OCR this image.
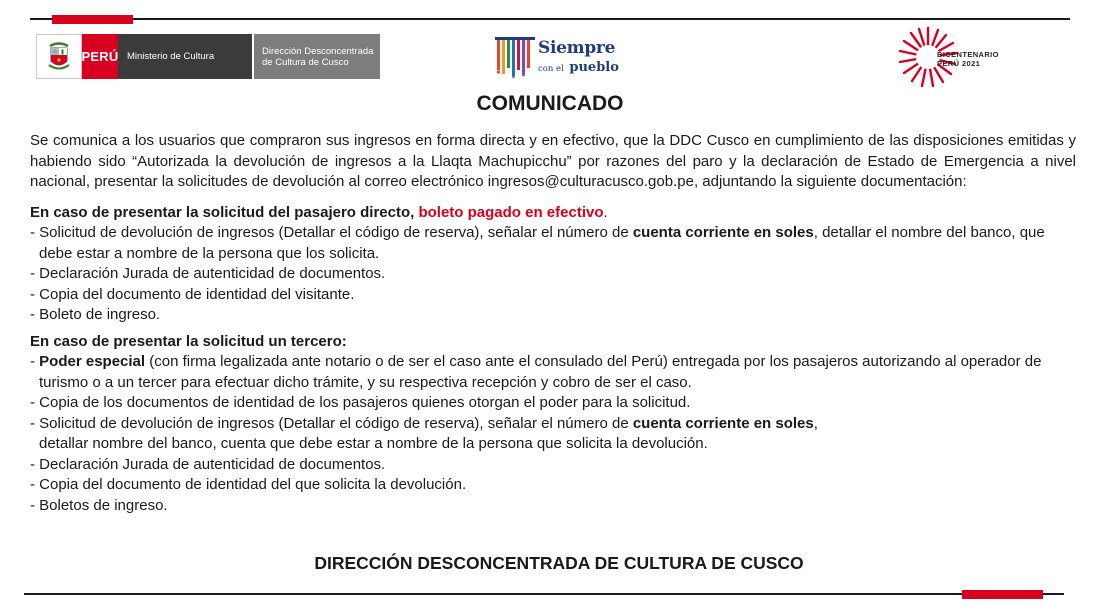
PERÚ Ministerio de Cultura	Dirección Desconcentrada
de Cultura de Cusco
Siempre
con el pueblo
BICENTENARIO
PERÚ 2021
COMUNICADO

Se comunica a los usuarios que compraron sus ingresos en forma directa y en efectivo, que la DDC Cusco en cumplimiento de las disposiciones emitidas y habiendo sido “Autorizada la devolución de ingresos a la Llaqta Machupicchu” por razones del paro y la declaración de Estado de Emergencia a nivel nacional, presentar la solicitudes de devolución al correo electrónico ingresos@culturacusco.gob.pe, adjuntando la siguiente documentación:

En caso de presentar la solicitud del pasajero directo, boleto pagado en efectivo.

- Solicitud de devolución de ingresos (Detallar el código de reserva), señalar el número de cuenta corriente en soles, detallar el nombre del banco, que debe estar a nombre de la persona que los solicita.

- Declaración Jurada de autenticidad de documentos.

- Copia del documento de identidad del visitante.

- Boleto de ingreso.

En caso de presentar la solicitud un tercero:

- Poder especial (con firma legalizada ante notario o de ser el caso ante el consulado del Perú) entregada por los pasajeros autorizando al operador de turismo o a un tercer para efectuar dicho trámite, y su respectiva recepción y cobro de ser el caso.

- Copia de los documentos de identidad de los pasajeros quienes otorgan el poder para la solicitud.

- Solicitud de devolución de ingresos (Detallar el código de reserva), señalar el número de cuenta corriente en soles,
detallar nombre del banco, cuenta que debe estar a nombre de la persona que solicita la devolución.

- Declaración Jurada de autenticidad de documentos.

- Copia del documento de identidad del que solicita la devolución.

- Boletos de ingreso.

DIRECCIÓN DESCONCENTRADA DE CULTURA DE CUSCO
